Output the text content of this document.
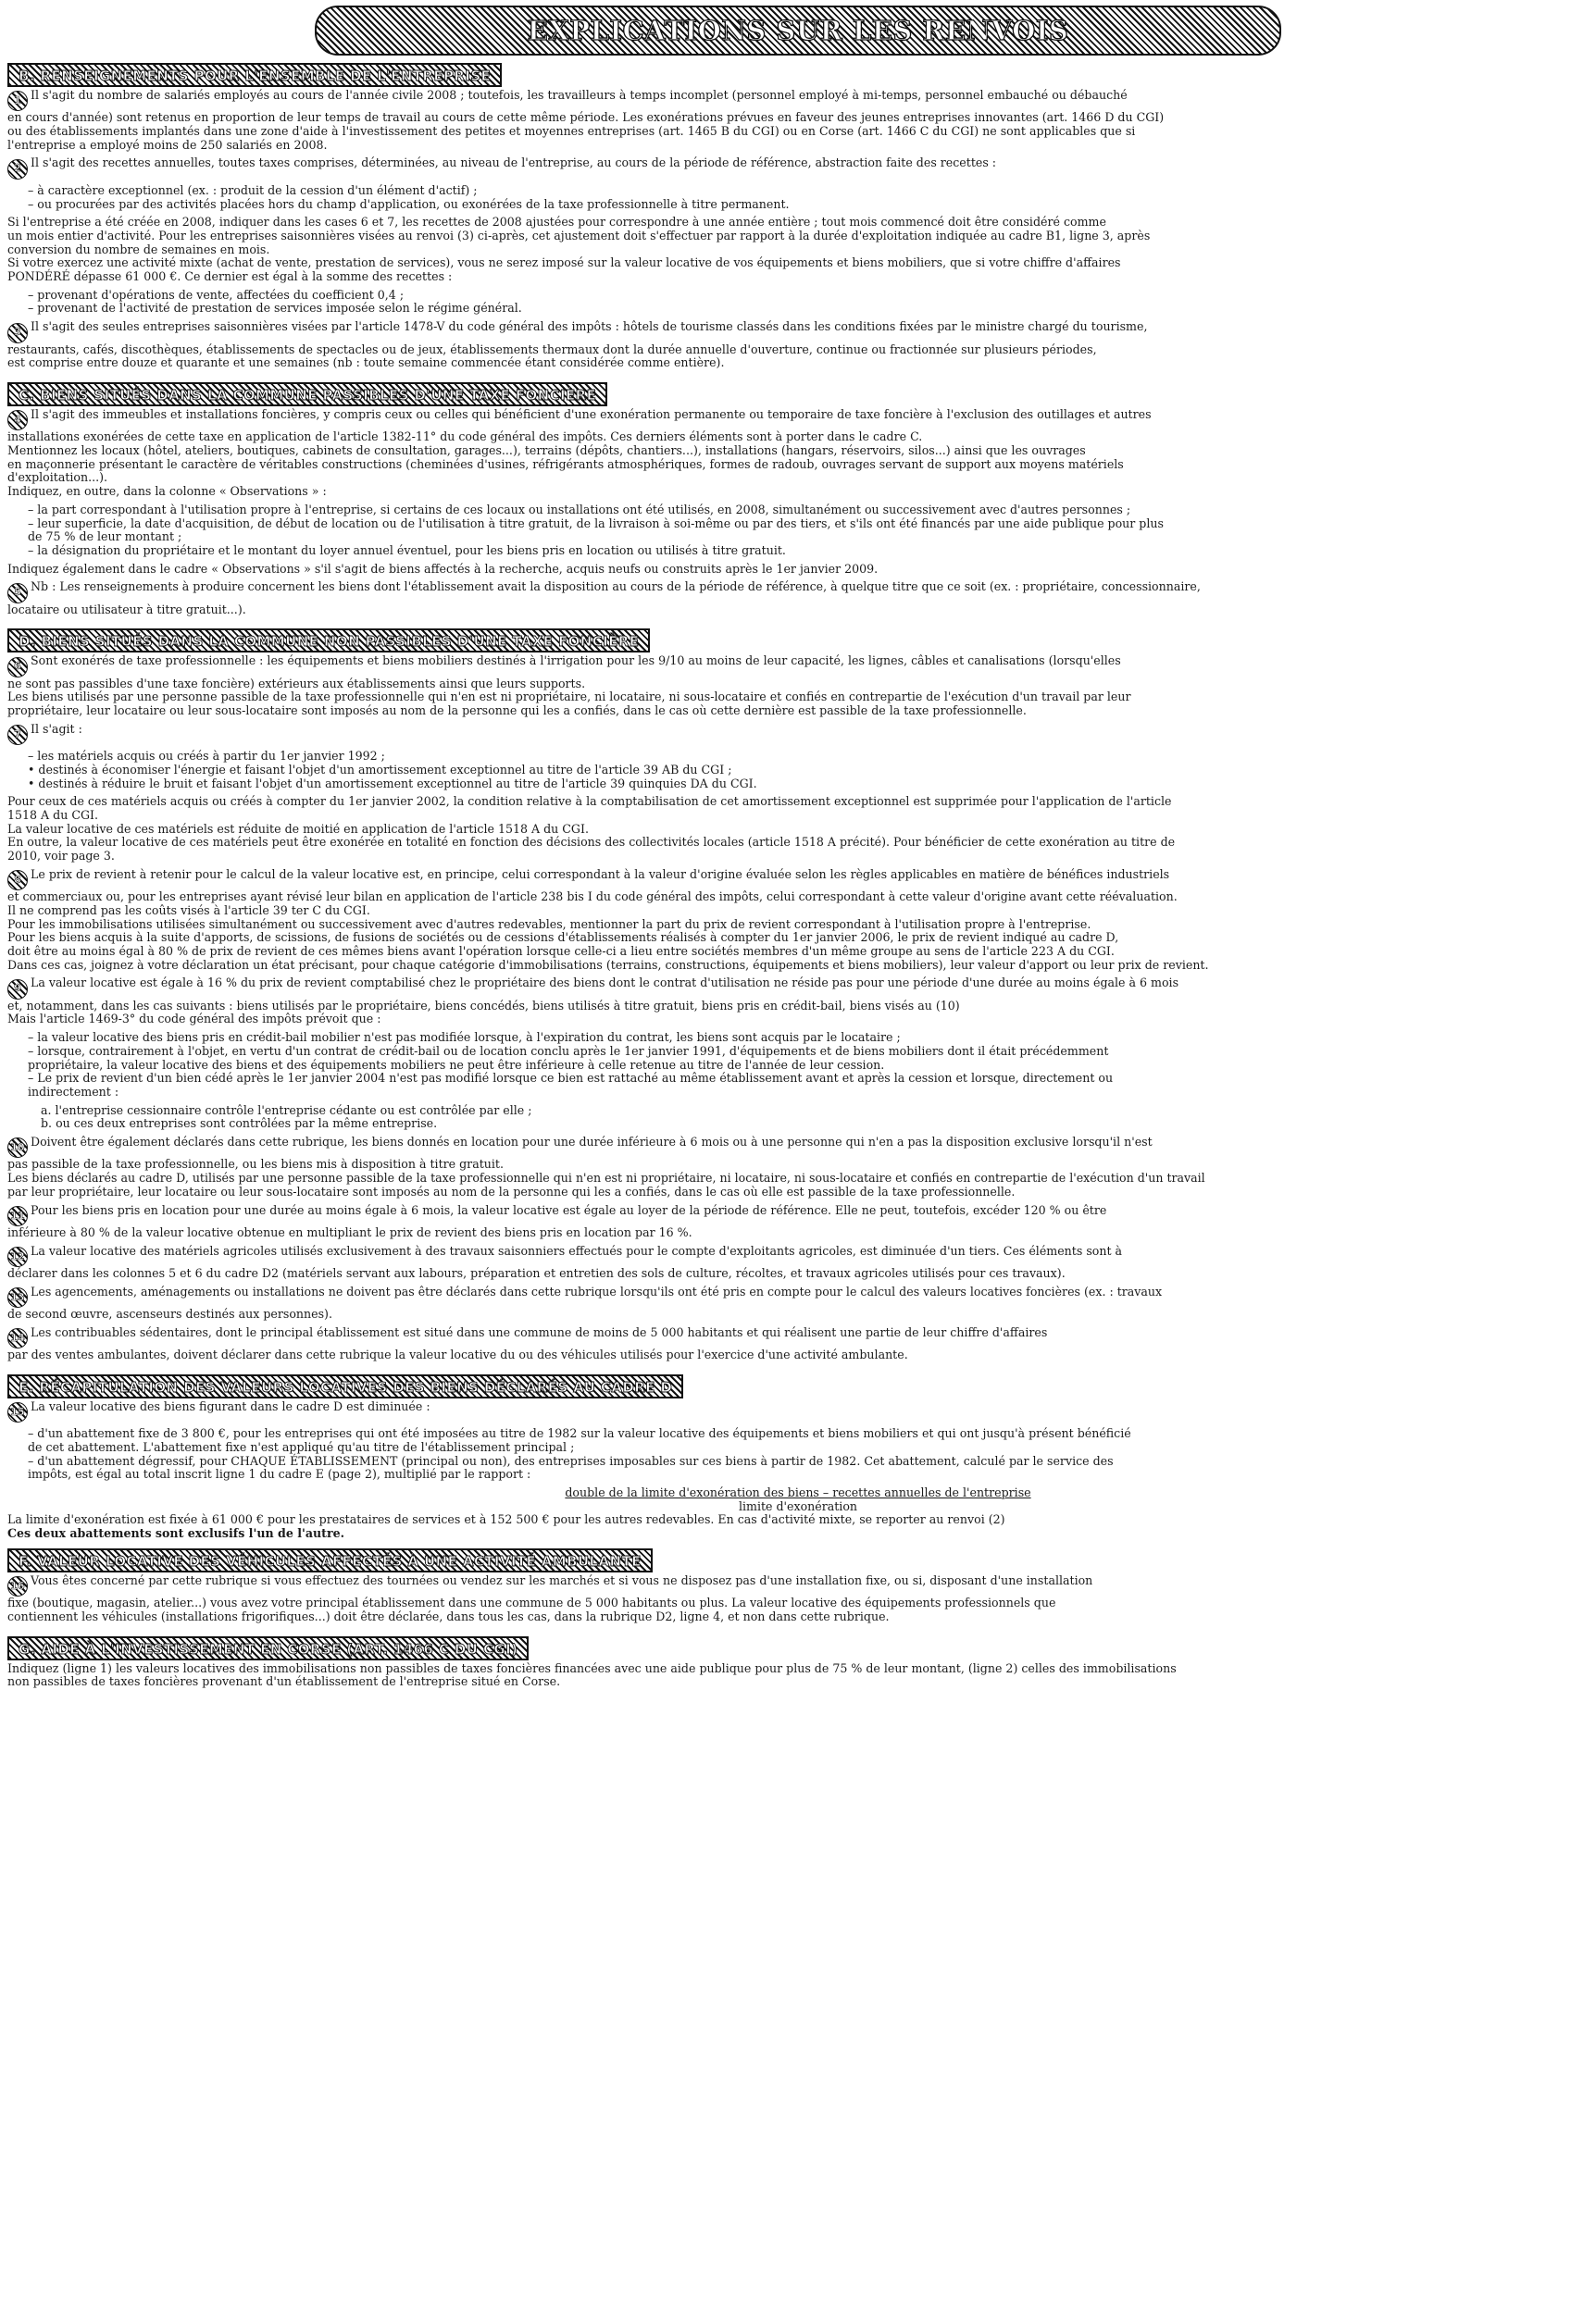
EXPLICATIONS SUR LES RENVOIS
B. RENSEIGNEMENTS POUR L'ENSEMBLE DE L'ENTREPRISE

1 Il s'agit du nombre de salariés employés au cours de l'année civile 2008 ; toutefois, les travailleurs à temps incomplet (personnel employé à mi-temps, personnel embauché ou débauché

en cours d'année) sont retenus en proportion de leur temps de travail au cours de cette même période. Les exonérations prévues en faveur des jeunes entreprises innovantes (art. 1466 D du CGI)

ou des établissements implantés dans une zone d'aide à l'investissement des petites et moyennes entreprises (art. 1465 B du CGI) ou en Corse (art. 1466 C du CGI) ne sont applicables que si

l'entreprise a employé moins de 250 salariés en 2008.

2 Il s'agit des recettes annuelles, toutes taxes comprises, déterminées, au niveau de l'entreprise, au cours de la période de référence, abstraction faite des recettes :

– à caractère exceptionnel (ex. : produit de la cession d'un élément d'actif) ;

– ou procurées par des activités placées hors du champ d'application, ou exonérées de la taxe professionnelle à titre permanent.

Si l'entreprise a été créée en 2008, indiquer dans les cases 6 et 7, les recettes de 2008 ajustées pour correspondre à une année entière ; tout mois commencé doit être considéré comme

un mois entier d'activité. Pour les entreprises saisonnières visées au renvoi (3) ci-après, cet ajustement doit s'effectuer par rapport à la durée d'exploitation indiquée au cadre B1, ligne 3, après

conversion du nombre de semaines en mois.

Si votre exercez une activité mixte (achat de vente, prestation de services), vous ne serez imposé sur la valeur locative de vos équipements et biens mobiliers, que si votre chiffre d'affaires

PONDÉRÉ dépasse 61 000 €. Ce dernier est égal à la somme des recettes :

– provenant d'opérations de vente, affectées du coefficient 0,4 ;

– provenant de l'activité de prestation de services imposée selon le régime général.

3 Il s'agit des seules entreprises saisonnières visées par l'article 1478-V du code général des impôts : hôtels de tourisme classés dans les conditions fixées par le ministre chargé du tourisme,

restaurants, cafés, discothèques, établissements de spectacles ou de jeux, établissements thermaux dont la durée annuelle d'ouverture, continue ou fractionnée sur plusieurs périodes,

est comprise entre douze et quarante et une semaines (nb : toute semaine commencée étant considérée comme entière).

C. BIENS SITUÉS DANS LA COMMUNE PASSIBLES D'UNE TAXE FONCIÈRE

4 Il s'agit des immeubles et installations foncières, y compris ceux ou celles qui bénéficient d'une exonération permanente ou temporaire de taxe foncière à l'exclusion des outillages et autres

installations exonérées de cette taxe en application de l'article 1382-11° du code général des impôts. Ces derniers éléments sont à porter dans le cadre C.

Mentionnez les locaux (hôtel, ateliers, boutiques, cabinets de consultation, garages...), terrains (dépôts, chantiers...), installations (hangars, réservoirs, silos...) ainsi que les ouvrages

en maçonnerie présentant le caractère de véritables constructions (cheminées d'usines, réfrigérants atmosphériques, formes de radoub, ouvrages servant de support aux moyens matériels

d'exploitation...).

Indiquez, en outre, dans la colonne « Observations » :

– la part correspondant à l'utilisation propre à l'entreprise, si certains de ces locaux ou installations ont été utilisés, en 2008, simultanément ou successivement avec d'autres personnes ;

– leur superficie, la date d'acquisition, de début de location ou de l'utilisation à titre gratuit, de la livraison à soi-même ou par des tiers, et s'ils ont été financés par une aide publique pour plus

de 75 % de leur montant ;

– la désignation du propriétaire et le montant du loyer annuel éventuel, pour les biens pris en location ou utilisés à titre gratuit.

Indiquez également dans le cadre « Observations » s'il s'agit de biens affectés à la recherche, acquis neufs ou construits après le 1er janvier 2009.

5 Nb : Les renseignements à produire concernent les biens dont l'établissement avait la disposition au cours de la période de référence, à quelque titre que ce soit (ex. : propriétaire, concessionnaire,

locataire ou utilisateur à titre gratuit...).

D. BIENS SITUÉS DANS LA COMMUNE NON PASSIBLES D'UNE TAXE FONCIÈRE

6 Sont exonérés de taxe professionnelle : les équipements et biens mobiliers destinés à l'irrigation pour les 9/10 au moins de leur capacité, les lignes, câbles et canalisations (lorsqu'elles

ne sont pas passibles d'une taxe foncière) extérieurs aux établissements ainsi que leurs supports.

Les biens utilisés par une personne passible de la taxe professionnelle qui n'en est ni propriétaire, ni locataire, ni sous-locataire et confiés en contrepartie de l'exécution d'un travail par leur

propriétaire, leur locataire ou leur sous-locataire sont imposés au nom de la personne qui les a confiés, dans le cas où cette dernière est passible de la taxe professionnelle.

7 Il s'agit :

– les matériels acquis ou créés à partir du 1er janvier 1992 ;

• destinés à économiser l'énergie et faisant l'objet d'un amortissement exceptionnel au titre de l'article 39 AB du CGI ;

• destinés à réduire le bruit et faisant l'objet d'un amortissement exceptionnel au titre de l'article 39 quinquies DA du CGI.

Pour ceux de ces matériels acquis ou créés à compter du 1er janvier 2002, la condition relative à la comptabilisation de cet amortissement exceptionnel est supprimée pour l'application de l'article

1518 A du CGI.

La valeur locative de ces matériels est réduite de moitié en application de l'article 1518 A du CGI.

En outre, la valeur locative de ces matériels peut être exonérée en totalité en fonction des décisions des collectivités locales (article 1518 A précité). Pour bénéficier de cette exonération au titre de

2010, voir page 3.

8 Le prix de revient à retenir pour le calcul de la valeur locative est, en principe, celui correspondant à la valeur d'origine évaluée selon les règles applicables en matière de bénéfices industriels

et commerciaux ou, pour les entreprises ayant révisé leur bilan en application de l'article 238 bis I du code général des impôts, celui correspondant à cette valeur d'origine avant cette réévaluation.

Il ne comprend pas les coûts visés à l'article 39 ter C du CGI.

Pour les immobilisations utilisées simultanément ou successivement avec d'autres redevables, mentionner la part du prix de revient correspondant à l'utilisation propre à l'entreprise.

Pour les biens acquis à la suite d'apports, de scissions, de fusions de sociétés ou de cessions d'établissements réalisés à compter du 1er janvier 2006, le prix de revient indiqué au cadre D,

doit être au moins égal à 80 % de prix de revient de ces mêmes biens avant l'opération lorsque celle-ci a lieu entre sociétés membres d'un même groupe au sens de l'article 223 A du CGI.

Dans ces cas, joignez à votre déclaration un état précisant, pour chaque catégorie d'immobilisations (terrains, constructions, équipements et biens mobiliers), leur valeur d'apport ou leur prix de revient.

9 La valeur locative est égale à 16 % du prix de revient comptabilisé chez le propriétaire des biens dont le contrat d'utilisation ne réside pas pour une période d'une durée au moins égale à 6 mois

et, notamment, dans les cas suivants : biens utilisés par le propriétaire, biens concédés, biens utilisés à titre gratuit, biens pris en crédit-bail, biens visés au (10)

Mais l'article 1469-3° du code général des impôts prévoit que :

– la valeur locative des biens pris en crédit-bail mobilier n'est pas modifiée lorsque, à l'expiration du contrat, les biens sont acquis par le locataire ;

– lorsque, contrairement à l'objet, en vertu d'un contrat de crédit-bail ou de location conclu après le 1er janvier 1991, d'équipements et de biens mobiliers dont il était précédemment

propriétaire, la valeur locative des biens et des équipements mobiliers ne peut être inférieure à celle retenue au titre de l'année de leur cession.

– Le prix de revient d'un bien cédé après le 1er janvier 2004 n'est pas modifié lorsque ce bien est rattaché au même établissement avant et après la cession et lorsque, directement ou

indirectement :

a. l'entreprise cessionnaire contrôle l'entreprise cédante ou est contrôlée par elle ;

b. ou ces deux entreprises sont contrôlées par la même entreprise.

10 Doivent être également déclarés dans cette rubrique, les biens donnés en location pour une durée inférieure à 6 mois ou à une personne qui n'en a pas la disposition exclusive lorsqu'il n'est

pas passible de la taxe professionnelle, ou les biens mis à disposition à titre gratuit.

Les biens déclarés au cadre D, utilisés par une personne passible de la taxe professionnelle qui n'en est ni propriétaire, ni locataire, ni sous-locataire et confiés en contrepartie de l'exécution d'un travail

par leur propriétaire, leur locataire ou leur sous-locataire sont imposés au nom de la personne qui les a confiés, dans le cas où elle est passible de la taxe professionnelle.

11 Pour les biens pris en location pour une durée au moins égale à 6 mois, la valeur locative est égale au loyer de la période de référence. Elle ne peut, toutefois, excéder 120 % ou être

inférieure à 80 % de la valeur locative obtenue en multipliant le prix de revient des biens pris en location par 16 %.

12 La valeur locative des matériels agricoles utilisés exclusivement à des travaux saisonniers effectués pour le compte d'exploitants agricoles, est diminuée d'un tiers. Ces éléments sont à

déclarer dans les colonnes 5 et 6 du cadre D2 (matériels servant aux labours, préparation et entretien des sols de culture, récoltes, et travaux agricoles utilisés pour ces travaux).

13 Les agencements, aménagements ou installations ne doivent pas être déclarés dans cette rubrique lorsqu'ils ont été pris en compte pour le calcul des valeurs locatives foncières (ex. : travaux

de second œuvre, ascenseurs destinés aux personnes).

14 Les contribuables sédentaires, dont le principal établissement est situé dans une commune de moins de 5 000 habitants et qui réalisent une partie de leur chiffre d'affaires

par des ventes ambulantes, doivent déclarer dans cette rubrique la valeur locative du ou des véhicules utilisés pour l'exercice d'une activité ambulante.

E. RÉCAPITULATION DES VALEURS LOCATIVES DES BIENS DÉCLARÉS AU CADRE D

15 La valeur locative des biens figurant dans le cadre D est diminuée :

– d'un abattement fixe de 3 800 €, pour les entreprises qui ont été imposées au titre de 1982 sur la valeur locative des équipements et biens mobiliers et qui ont jusqu'à présent bénéficié

de cet abattement. L'abattement fixe n'est appliqué qu'au titre de l'établissement principal ;

– d'un abattement dégressif, pour CHAQUE ÉTABLISSEMENT (principal ou non), des entreprises imposables sur ces biens à partir de 1982. Cet abattement, calculé par le service des

impôts, est égal au total inscrit ligne 1 du cadre E (page 2), multiplié par le rapport :

double de la limite d'exonération des biens – recettes annuelles de l'entreprise
limite d'exonération

La limite d'exonération est fixée à 61 000 € pour les prestataires de services et à 152 500 € pour les autres redevables. En cas d'activité mixte, se reporter au renvoi (2)

Ces deux abattements sont exclusifs l'un de l'autre.

F. VALEUR LOCATIVE DES VÉHICULES AFFECTÉS À UNE ACTIVITÉ AMBULANTE

16 Vous êtes concerné par cette rubrique si vous effectuez des tournées ou vendez sur les marchés et si vous ne disposez pas d'une installation fixe, ou si, disposant d'une installation

fixe (boutique, magasin, atelier...) vous avez votre principal établissement dans une commune de 5 000 habitants ou plus. La valeur locative des équipements professionnels que

contiennent les véhicules (installations frigorifiques...) doit être déclarée, dans tous les cas, dans la rubrique D2, ligne 4, et non dans cette rubrique.

G. AIDE À L'INVESTISSEMENT EN CORSE (ART. 1466 C DU CGI)

Indiquez (ligne 1) les valeurs locatives des immobilisations non passibles de taxes foncières financées avec une aide publique pour plus de 75 % de leur montant, (ligne 2) celles des immobilisations

non passibles de taxes foncières provenant d'un établissement de l'entreprise situé en Corse.
